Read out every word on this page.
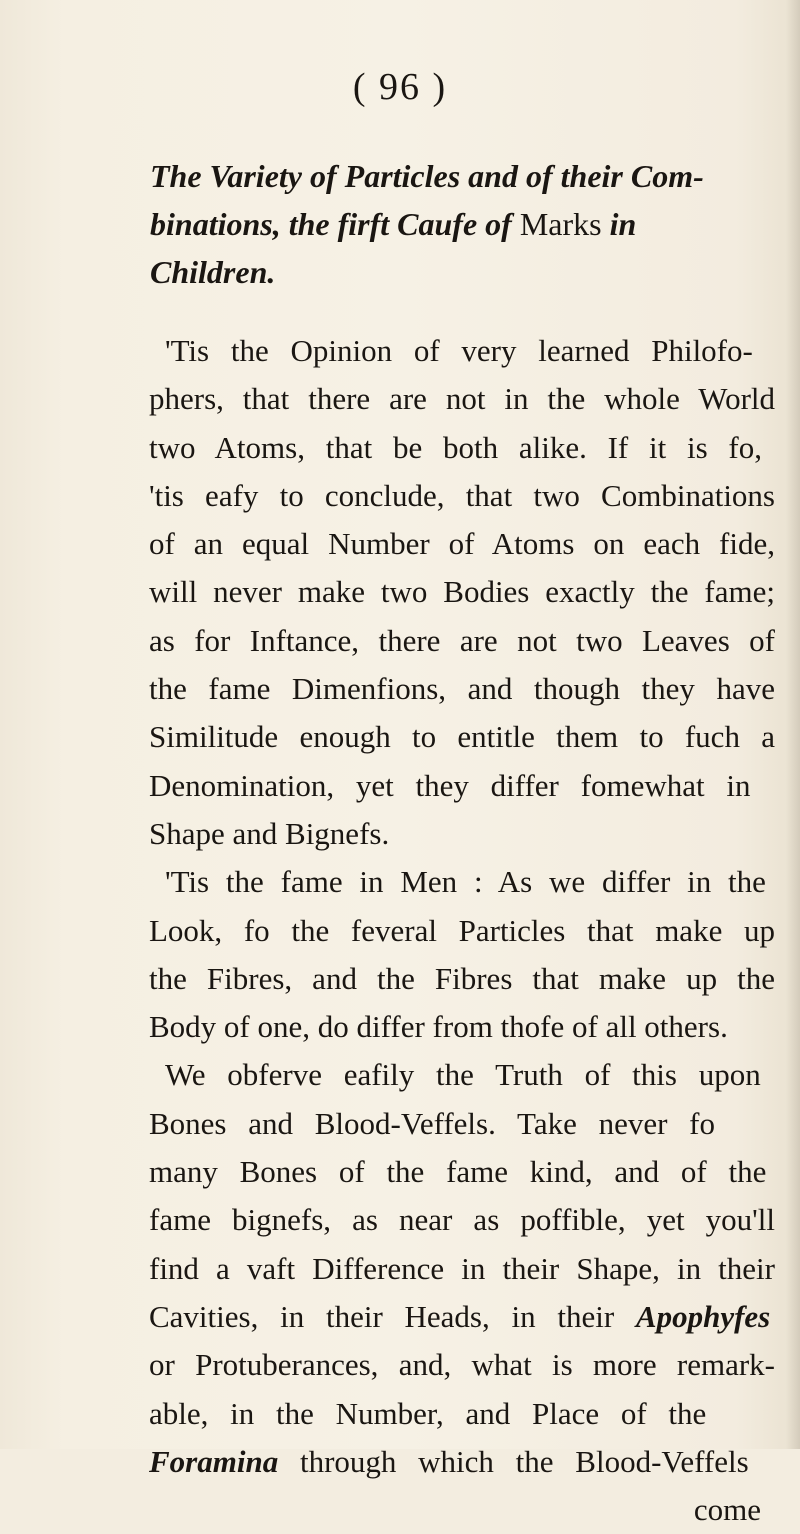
( 96 )
The Variety of Particles and of their Com-
binations, the firft Caufe of Marks in
Children.
'Tis the Opinion of very learned Philofo-
phers, that there are not in the whole World
two Atoms, that be both alike. If it is fo,
'tis eafy to conclude, that two Combinations
of an equal Number of Atoms on each fide,
will never make two Bodies exactly the fame;
as for Inftance, there are not two Leaves of
the fame Dimenfions, and though they have
Similitude enough to entitle them to fuch a
Denomination, yet they differ fomewhat in
Shape and Bignefs.
'Tis the fame in Men : As we differ in the
Look, fo the feveral Particles that make up
the Fibres, and the Fibres that make up the
Body of one, do differ from thofe of all others.
We obferve eafily the Truth of this upon
Bones and Blood-Veffels. Take never fo
many Bones of the fame kind, and of the
fame bignefs, as near as poffible, yet you'll
find a vaft Difference in their Shape, in their
Cavities, in their Heads, in their
Apophyfes
or Protuberances, and, what is more remark-
able, in the Number, and Place of the
Foramina
through which the Blood-Veffels
come
